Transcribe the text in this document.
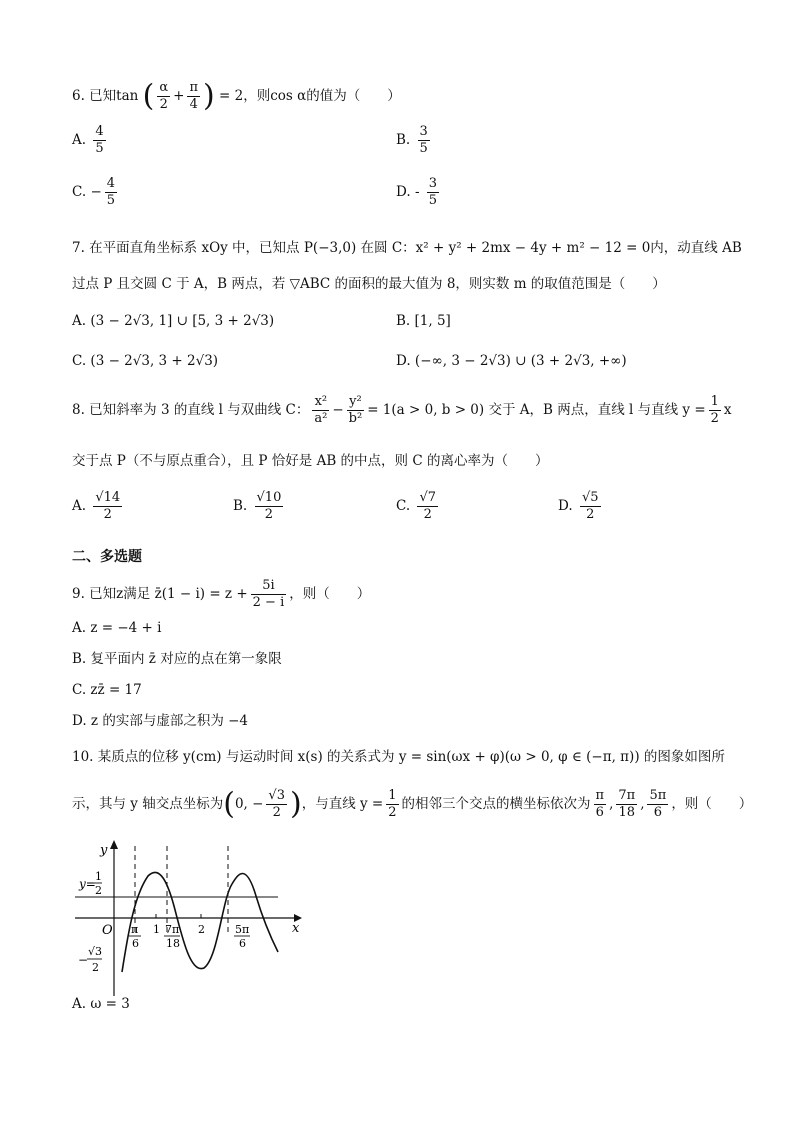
6. 已知tan ( $\frac{\alpha}{2} + \frac{\pi}{4}$ ) = 2，则cos α的值为（　　）
A. $\frac{4}{5}$	B. $\frac{3}{5}$
C. − $\frac{4}{5}$	D. - $\frac{3}{5}$
7. 在平面直角坐标系 xOy 中，已知点 P(−3,0) 在圆 C：x² + y² + 2mx − 4y + m² − 12 = 0内，动直线 AB
过点 P 且交圆 C 于 A，B 两点，若 ▽ABC 的面积的最大值为 8，则实数 m 的取值范围是（　　）
A. (3 − 2√3, 1] ∪ [5, 3 + 2√3)	B. [1, 5]
C. (3 − 2√3, 3 + 2√3)	D. (−∞, 3 − 2√3) ∪ (3 + 2√3, +∞)
8. 已知斜率为 3 的直线 l 与双曲线 C： $\frac{\text{x²}}{\text{a²}} - \frac{\text{y²}}{\text{b²}} = 1(a > 0$, b > 0) 交于 A，B 两点，直线 l 与直线 $y = \frac{1}{2}$ x
交于点 P（不与原点重合），且 P 恰好是 AB 的中点，则 C 的离心率为（　　）
A. $\frac{√14}{2}$	B. $\frac{√10}{2}$	C. $\frac{√7}{2}$	D. $\frac{√5}{2}$
二、多选题
9. 已知z满足 z̄(1 − $i) = z + \frac{5i}{2 - i}$ ，则（　　）
A. z = −4 + i
B. 复平面内 z̄ 对应的点在第一象限
C. zz̄ = 17
D. z 的实部与虚部之积为 −4
10. 某质点的位移 y(cm) 与运动时间 x(s) 的关系式为 y = sin(ωx + φ)(ω > 0, φ ∈ (−π, π)) 的图象如图所
示，其与 y 轴交点坐标为(0, − $\frac{√3}{2}$ )，与直线 $y = \frac{1}{2}$ 的相邻三个交点的横坐标依次为 $\frac{\pi}{6}$ , $\frac{7\pi}{18}$ , $\frac{5\pi}{6}$ ，则（　　）
y
x
O
y=
1
2
−
√3
2
π
6
1 7π
18
2	5π
6
A. ω = 3
